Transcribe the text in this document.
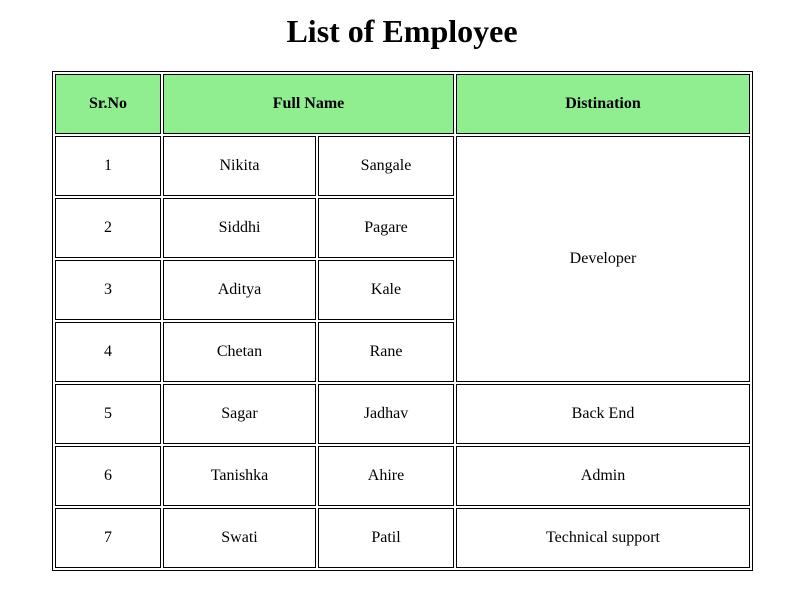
List of Employee
Sr.No	Full Name		Distination
1	Nikita	Sangale	Developer
2	Siddhi	Pagare	
3	Aditya	Kale	
4	Chetan	Rane	
5	Sagar	Jadhav	Back End
6	Tanishka	Ahire	Admin
7	Swati	Patil	Technical support
